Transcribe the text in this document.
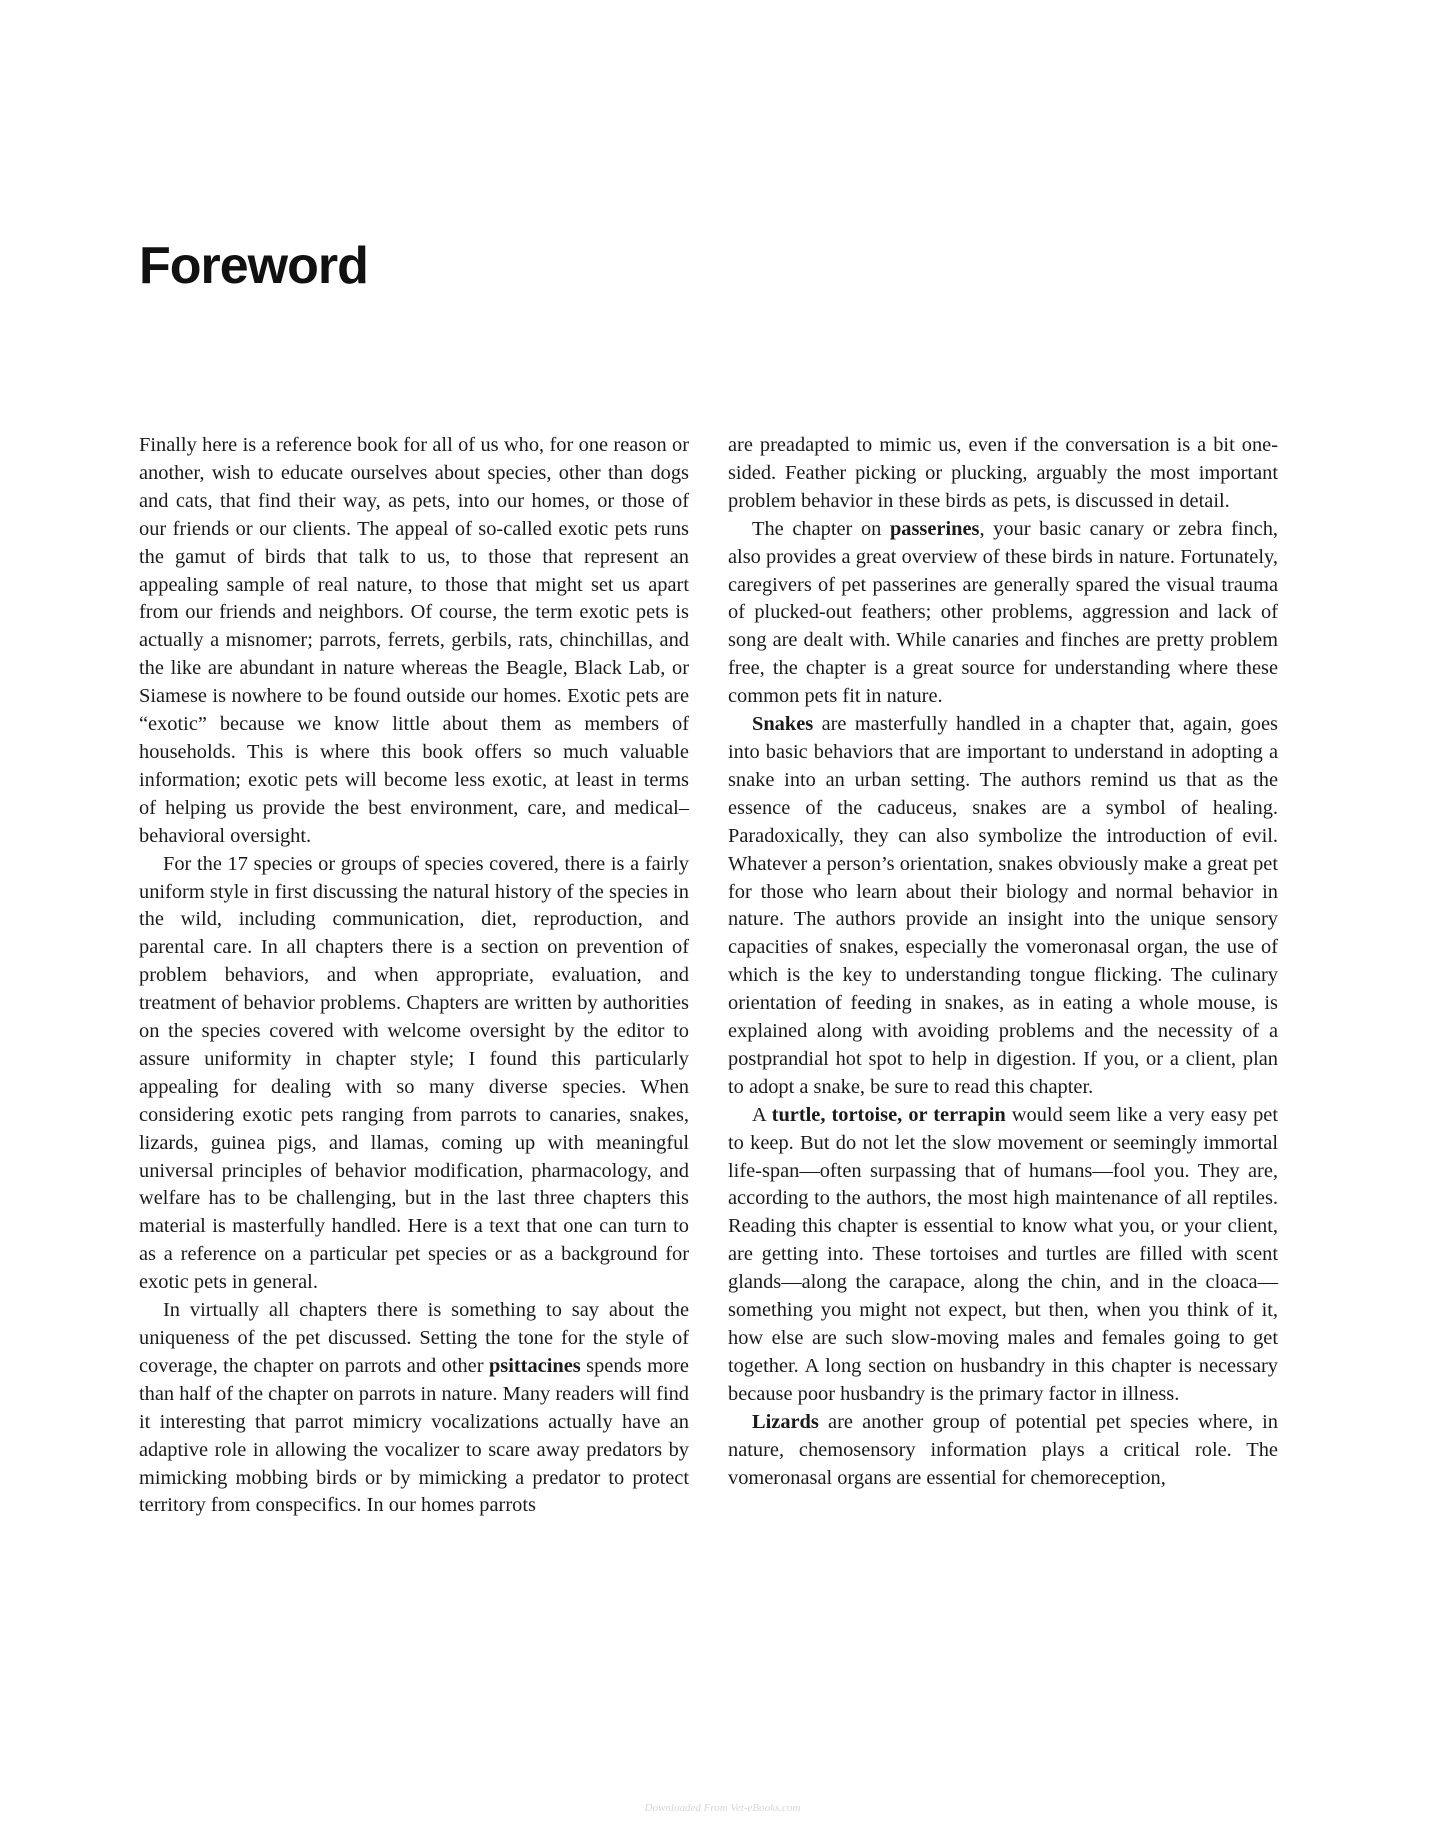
Foreword

Finally here is a reference book for all of us who, for one reason or another, wish to educate ourselves about species, other than dogs and cats, that find their way, as pets, into our homes, or those of our friends or our clients. The appeal of so-called exotic pets runs the gamut of birds that talk to us, to those that represent an appealing sample of real nature, to those that might set us apart from our friends and neighbors. Of course, the term exotic pets is actually a misnomer; parrots, ferrets, gerbils, rats, chinchillas, and the like are abundant in nature whereas the Beagle, Black Lab, or Siamese is nowhere to be found outside our homes. Exotic pets are “exotic” because we know little about them as members of households. This is where this book offers so much valuable information; exotic pets will become less exotic, at least in terms of helping us provide the best environment, care, and medical–behavioral oversight.

For the 17 species or groups of species covered, there is a fairly uniform style in first discussing the natural history of the species in the wild, including communication, diet, reproduction, and parental care. In all chapters there is a section on prevention of problem behaviors, and when appropriate, evaluation, and treatment of behavior problems. Chapters are written by authorities on the species covered with welcome oversight by the editor to assure uniformity in chapter style; I found this particularly appealing for dealing with so many diverse species. When considering exotic pets ranging from parrots to canaries, snakes, lizards, guinea pigs, and llamas, coming up with meaningful universal principles of behavior modification, pharmacology, and welfare has to be challenging, but in the last three chapters this material is masterfully handled. Here is a text that one can turn to as a reference on a particular pet species or as a background for exotic pets in general.

In virtually all chapters there is something to say about the uniqueness of the pet discussed. Setting the tone for the style of coverage, the chapter on parrots and other psittacines spends more than half of the chapter on parrots in nature. Many readers will find it interesting that parrot mimicry vocalizations actually have an adaptive role in allowing the vocalizer to scare away predators by mimicking mobbing birds or by mimicking a predator to protect territory from conspecifics. In our homes parrots

are preadapted to mimic us, even if the conversation is a bit one-sided. Feather picking or plucking, arguably the most important problem behavior in these birds as pets, is discussed in detail.

The chapter on passerines, your basic canary or zebra finch, also provides a great overview of these birds in nature. Fortunately, caregivers of pet passerines are generally spared the visual trauma of plucked-out feathers; other problems, aggression and lack of song are dealt with. While canaries and finches are pretty problem free, the chapter is a great source for understanding where these common pets fit in nature.

Snakes are masterfully handled in a chapter that, again, goes into basic behaviors that are important to understand in adopting a snake into an urban setting. The authors remind us that as the essence of the caduceus, snakes are a symbol of healing. Paradoxically, they can also symbolize the introduction of evil. Whatever a person’s orientation, snakes obviously make a great pet for those who learn about their biology and normal behavior in nature. The authors provide an insight into the unique sensory capacities of snakes, especially the vomeronasal organ, the use of which is the key to understanding tongue flicking. The culinary orientation of feeding in snakes, as in eating a whole mouse, is explained along with avoiding problems and the necessity of a postprandial hot spot to help in digestion. If you, or a client, plan to adopt a snake, be sure to read this chapter.

A turtle, tortoise, or terrapin would seem like a very easy pet to keep. But do not let the slow movement or seemingly immortal life-span—often surpassing that of humans—fool you. They are, according to the authors, the most high maintenance of all reptiles. Reading this chapter is essential to know what you, or your client, are getting into. These tortoises and turtles are filled with scent glands—along the carapace, along the chin, and in the cloaca—something you might not expect, but then, when you think of it, how else are such slow-moving males and females going to get together. A long section on husbandry in this chapter is necessary because poor husbandry is the primary factor in illness.

Lizards are another group of potential pet species where, in nature, chemosensory information plays a critical role. The vomeronasal organs are essential for chemoreception,

Downloaded From Vet-eBooks.com
